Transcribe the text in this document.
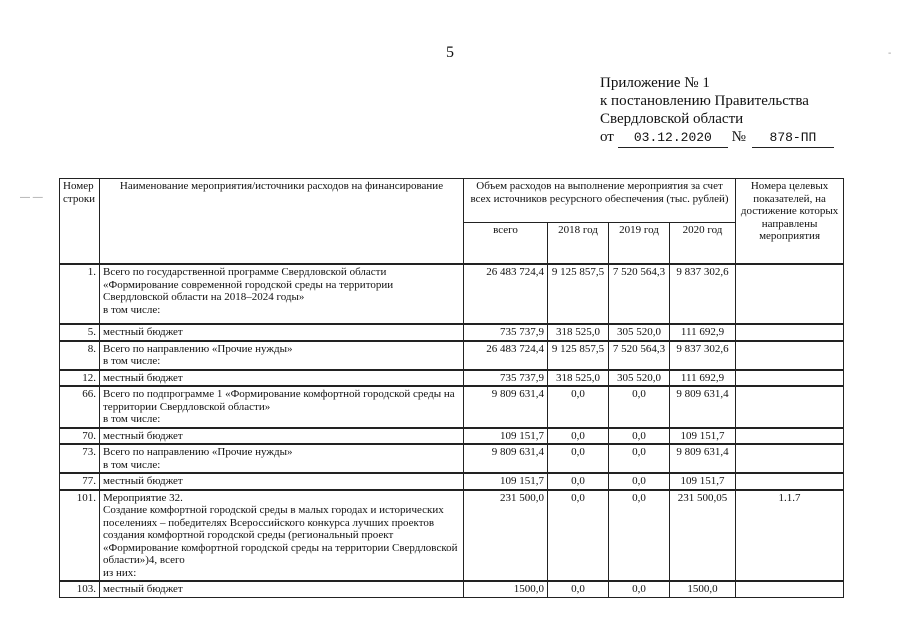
5
Приложение № 1
к постановлению Правительства
Свердловской области
от 03.12.2020 № 878-ПП
— —
-
Номер строки	Наименование мероприятия/источники расходов на финансирование	Объем расходов на выполнение мероприятия за счет всех источников ресурсного обеспечения (тыс. рублей)				Номера целевых показателей, на достижение которых направлены мероприятия
		всего	2018 год	2019 год	2020 год	
1.	Всего по государственной программе Свердловской области
«Формирование современной городской среды на территории Свердловской области на 2018–2024 годы»
в том числе:	26 483 724,4	9 125 857,5	7 520 564,3	9 837 302,6	
5.	местный бюджет	735 737,9	318 525,0	305 520,0	111 692,9	
8.	Всего по направлению «Прочие нужды»
в том числе:	26 483 724,4	9 125 857,5	7 520 564,3	9 837 302,6	
12.	местный бюджет	735 737,9	318 525,0	305 520,0	111 692,9	
66.	Всего по подпрограмме 1 «Формирование комфортной городской среды на территории Свердловской области»
в том числе:	9 809 631,4	0,0	0,0	9 809 631,4	
70.	местный бюджет	109 151,7	0,0	0,0	109 151,7	
73.	Всего по направлению «Прочие нужды»
в том числе:	9 809 631,4	0,0	0,0	9 809 631,4	
77.	местный бюджет	109 151,7	0,0	0,0	109 151,7	
101.	Мероприятие 32.
Создание комфортной городской среды в малых городах и исторических поселениях – победителях Всероссийского конкурса лучших проектов создания комфортной городской среды (региональный проект «Формирование комфортной городской среды на территории Свердловской области»)4, всего
из них:	231 500,0	0,0	0,0	231 500,05	1.1.7
103.	местный бюджет	1500,0	0,0	0,0	1500,0	
